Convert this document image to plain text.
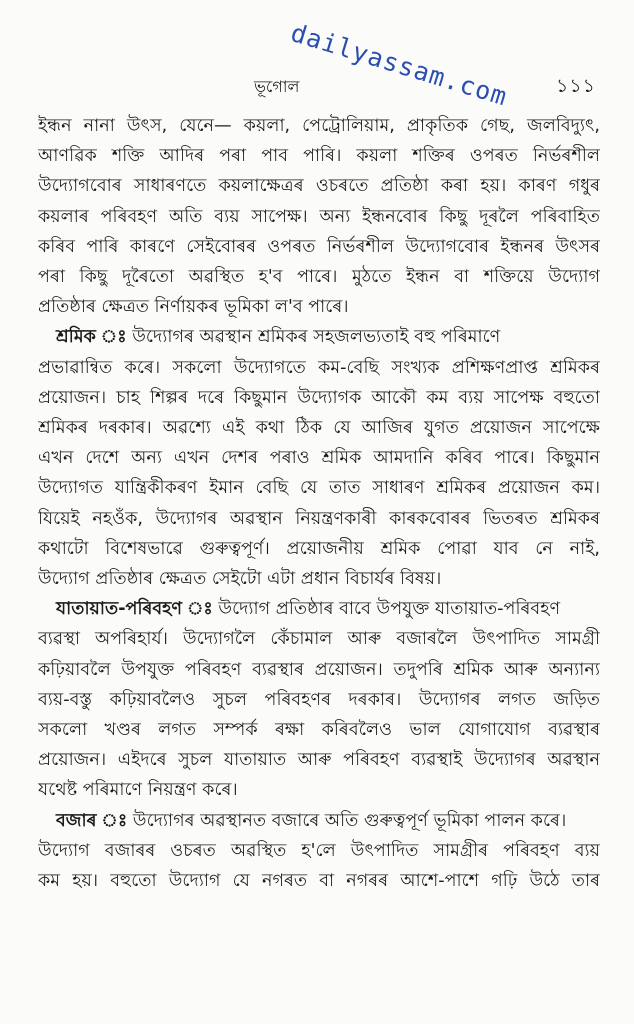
dailyassam.com
ভূগোল	১১১
ইন্ধন নানা উৎস, যেনে— কয়লা, পেট্ৰোলিয়াম, প্ৰাকৃতিক গেছ, জলবিদ্যুৎ,
আণৱিক শক্তি আদিৰ পৰা পাব পাৰি। কয়লা শক্তিৰ ওপৰত নিৰ্ভৰশীল
উদ্যোগবোৰ সাধাৰণতে কয়লাক্ষেত্ৰৰ ওচৰতে প্ৰতিষ্ঠা কৰা হয়। কাৰণ গধুৰ
কয়লাৰ পৰিবহণ অতি ব্যয় সাপেক্ষ। অন্য ইন্ধনবোৰ কিছু দূৰলৈ পৰিবাহিত
কৰিব পাৰি কাৰণে সেইবোৰৰ ওপৰত নিৰ্ভৰশীল উদ্যোগবোৰ ইন্ধনৰ উৎসৰ
পৰা কিছু দূৰৈতো অৱস্থিত হ'ব পাৰে। মুঠতে ইন্ধন বা শক্তিয়ে উদ্যোগ
প্ৰতিষ্ঠাৰ ক্ষেত্ৰত নিৰ্ণায়কৰ ভূমিকা ল'ব পাৰে।
শ্ৰমিক ঃ উদ্যোগৰ অৱস্থান শ্ৰমিকৰ সহজলভ্যতাই বহু পৰিমাণে
প্ৰভাৱান্বিত কৰে। সকলো উদ্যোগতে কম-বেছি সংখ্যক প্ৰশিক্ষণপ্ৰাপ্ত শ্ৰমিকৰ
প্ৰয়োজন। চাহ শিল্পৰ দৰে কিছুমান উদ্যোগক আকৌ কম ব্যয় সাপেক্ষ বহুতো
শ্ৰমিকৰ দৰকাৰ। অৱশ্যে এই কথা ঠিক যে আজিৰ যুগত প্ৰয়োজন সাপেক্ষে
এখন দেশে অন্য এখন দেশৰ পৰাও শ্ৰমিক আমদানি কৰিব পাৰে। কিছুমান
উদ্যোগত যান্ত্ৰিকীকৰণ ইমান বেছি যে তাত সাধাৰণ শ্ৰমিকৰ প্ৰয়োজন কম।
যিয়েই নহওঁক, উদ্যোগৰ অৱস্থান নিয়ন্ত্ৰণকাৰী কাৰকবোৰৰ ভিতৰত শ্ৰমিকৰ
কথাটো বিশেষভাৱে গুৰুত্বপূৰ্ণ। প্ৰয়োজনীয় শ্ৰমিক পোৱা যাব নে নাই,
উদ্যোগ প্ৰতিষ্ঠাৰ ক্ষেত্ৰত সেইটো এটা প্ৰধান বিচাৰ্যৰ বিষয়।
যাতায়াত-পৰিবহণ ঃ উদ্যোগ প্ৰতিষ্ঠাৰ বাবে উপযুক্ত যাতায়াত-পৰিবহণ
ব্যৱস্থা অপৰিহাৰ্য। উদ্যোগলৈ কেঁচামাল আৰু বজাৰলৈ উৎপাদিত সামগ্ৰী
কঢ়িয়াবলৈ উপযুক্ত পৰিবহণ ব্যৱস্থাৰ প্ৰয়োজন। তদুপৰি শ্ৰমিক আৰু অন্যান্য
ব্যয়-বস্তু কঢ়িয়াবলৈও সুচল পৰিবহণৰ দৰকাৰ। উদ্যোগৰ লগত জড়িত
সকলো খণ্ডৰ লগত সম্পৰ্ক ৰক্ষা কৰিবলৈও ভাল যোগাযোগ ব্যৱস্থাৰ
প্ৰয়োজন। এইদৰে সুচল যাতায়াত আৰু পৰিবহণ ব্যৱস্থাই উদ্যোগৰ অৱস্থান
যথেষ্ট পৰিমাণে নিয়ন্ত্ৰণ কৰে।
বজাৰ ঃ উদ্যোগৰ অৱস্থানত বজাৰে অতি গুৰুত্বপূৰ্ণ ভূমিকা পালন কৰে।
উদ্যোগ বজাৰৰ ওচৰত অৱস্থিত হ'লে উৎপাদিত সামগ্ৰীৰ পৰিবহণ ব্যয়
কম হয়। বহুতো উদ্যোগ যে নগৰত বা নগৰৰ আশে-পাশে গঢ়ি উঠে তাৰ
